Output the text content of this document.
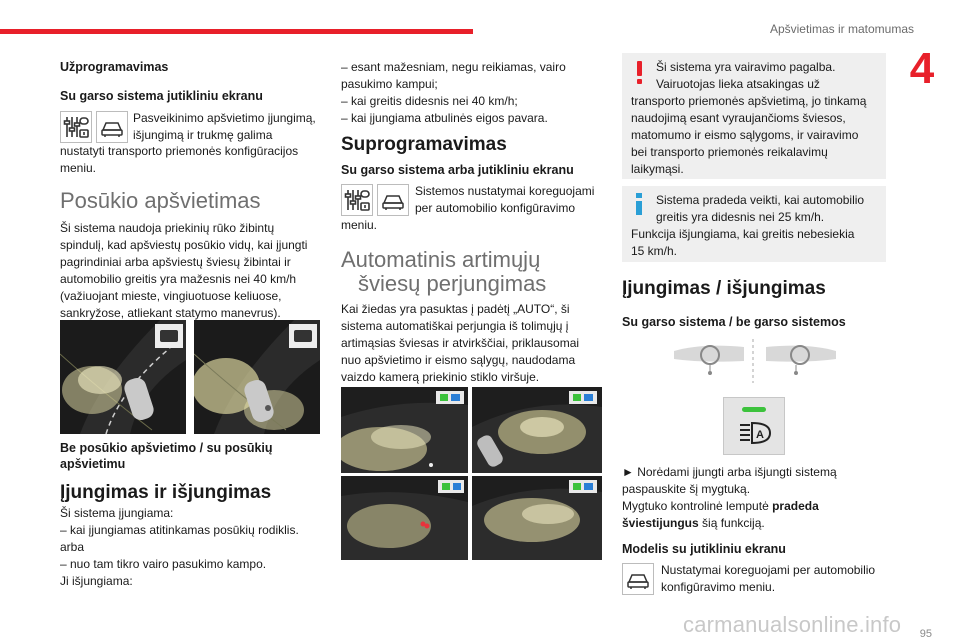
Apšvietimas ir matomumas
4
Užprogramavimas
Su garso sistema jutikliniu ekranu
Pasveikinimo apšvietimo įjungimą,
išjungimą ir trukmę galima
nustatyti transporto priemonės konfigūracijos
meniu.
Posūkio apšvietimas
Ši sistema naudoja priekinių rūko žibintų
spindulį, kad apšviestų posūkio vidų, kai įjungti
pagrindiniai arba apšviestų šviesų žibintai ir
automobilio greitis yra mažesnis nei 40 km/h
(važiuojant mieste, vingiuotuose keliuose,
sankryžose, atliekant statymo manevrus).
Be posūkio apšvietimo / su posūkių
apšvietimu
Įjungimas ir išjungimas
Ši sistema įjungiama:
– kai įjungiamas atitinkamas posūkių rodiklis.
arba
– nuo tam tikro vairo pasukimo kampo.
Ji išjungiama:
– esant mažesniam, negu reikiamas, vairo
pasukimo kampui;
– kai greitis didesnis nei 40 km/h;
– kai įjungiama atbulinės eigos pavara.
Suprogramavimas
Su garso sistema arba jutikliniu ekranu
Sistemos nustatymai koreguojami
per automobilio konfigūravimo
meniu.
Automatinis artimųjų
šviesų perjungimas
Kai žiedas yra pasuktas į padėtį „AUTO“, ši
sistema automatiškai perjungia iš tolimųjų į
artimąsias šviesas ir atvirkščiai, priklausomai
nuo apšvietimo ir eismo sąlygų, naudodama
vaizdo kamerą priekinio stiklo viršuje.
Ši sistema yra vairavimo pagalba.
Vairuotojas lieka atsakingas už
transporto priemonės apšvietimą, jo tinkamą
naudojimą esant vyraujančioms šviesos,
matomumo ir eismo sąlygoms, ir vairavimo
bei transporto priemonės reikalavimų
laikymąsi.
Sistema pradeda veikti, kai automobilio
greitis yra didesnis nei 25 km/h.
Funkcija išjungiama, kai greitis nebesiekia
15 km/h.
Įjungimas / išjungimas
Su garso sistema / be garso sistemos
A
► Norėdami įjungti arba išjungti sistemą
paspauskite šį mygtuką.
Mygtuko kontrolinė lemputė pradeda
šviestijungus šią funkciją.
Modelis su jutikliniu ekranu
Nustatymai koreguojami per automobilio
konfigūravimo meniu.
carmanualsonline.info 95
